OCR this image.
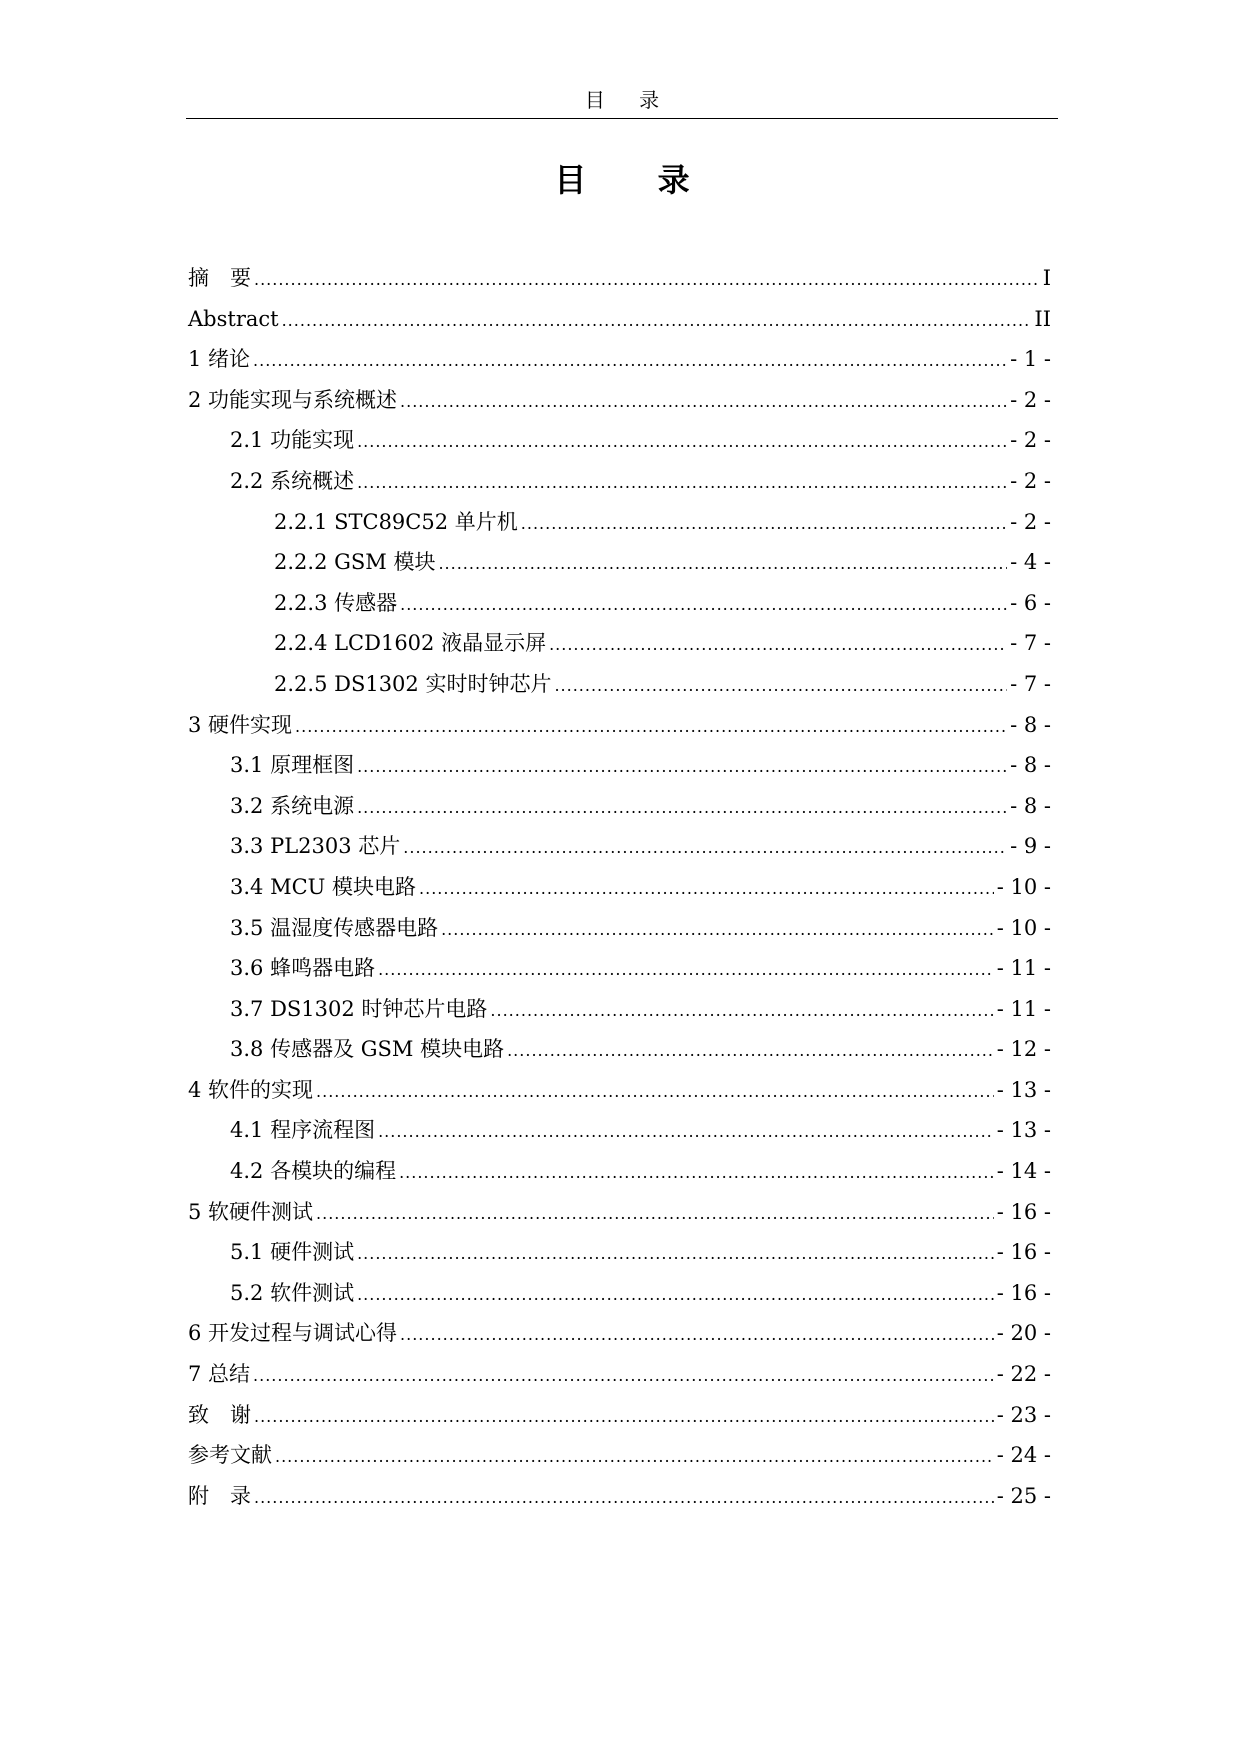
目 录
目 录
摘　要 .....	I
Abstract .....	II
1 绪论 .....	- 1 -
2 功能实现与系统概述 .....	- 2 -
2.1 功能实现 .....	- 2 -
2.2 系统概述 .....	- 2 -
2.2.1 STC89C52 单片机 .....	- 2 -
2.2.2 GSM 模块 .....	- 4 -
2.2.3 传感器 .....	- 6 -
2.2.4 LCD1602 液晶显示屏 .....	- 7 -
2.2.5 DS1302 实时时钟芯片 .....	- 7 -
3 硬件实现 .....	- 8 -
3.1 原理框图 .....	- 8 -
3.2 系统电源 .....	- 8 -
3.3 PL2303 芯片 .....	- 9 -
3.4 MCU 模块电路 .....	- 10 -
3.5 温湿度传感器电路 .....	- 10 -
3.6 蜂鸣器电路 .....	- 11 -
3.7 DS1302 时钟芯片电路 .....	- 11 -
3.8 传感器及 GSM 模块电路 .....	- 12 -
4 软件的实现 .....	- 13 -
4.1 程序流程图 .....	- 13 -
4.2 各模块的编程 .....	- 14 -
5 软硬件测试 .....	- 16 -
5.1 硬件测试 .....	- 16 -
5.2 软件测试 .....	- 16 -
6 开发过程与调试心得 .....	- 20 -
7 总结 .....	- 22 -
致　谢 .....	- 23 -
参考文献 .....	- 24 -
附　录 .....	- 25 -
